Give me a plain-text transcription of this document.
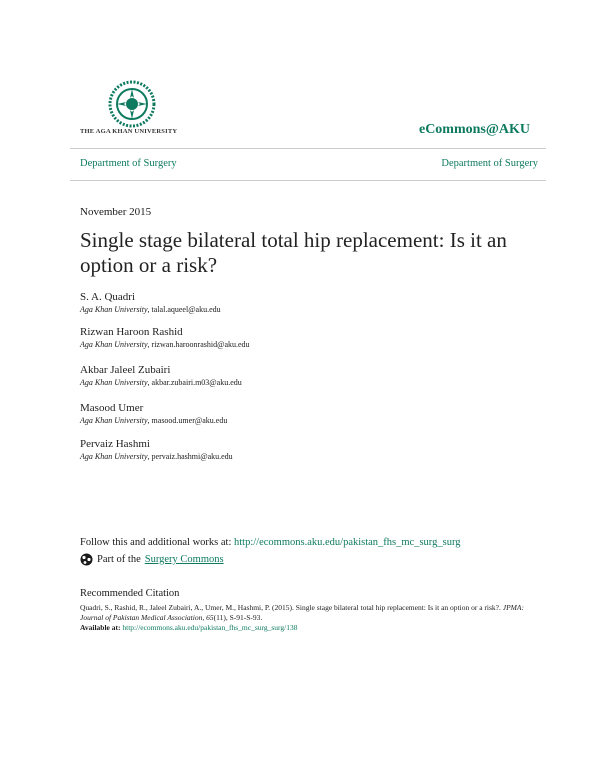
THE AGA KHAN UNIVERSITY	eCommons@AKU
Department of Surgery	Department of Surgery
November 2015
Single stage bilateral total hip replacement: Is it an option or a risk?
S. A. Quadri
Aga Khan University, talal.aqueel@aku.edu
Rizwan Haroon Rashid
Aga Khan University, rizwan.haroonrashid@aku.edu
Akbar Jaleel Zubairi
Aga Khan University, akbar.zubairi.m03@aku.edu
Masood Umer
Aga Khan University, masood.umer@aku.edu
Pervaiz Hashmi
Aga Khan University, pervaiz.hashmi@aku.edu
Follow this and additional works at: http://ecommons.aku.edu/pakistan_fhs_mc_surg_surg
Part of the Surgery Commons
Recommended Citation
Quadri, S., Rashid, R., Jaleel Zubairi, A., Umer, M., Hashmi, P. (2015). Single stage bilateral total hip replacement: Is it an option or a risk?. JPMA: Journal of Pakistan Medical Association, 65(11), S-91-S-93.
Available at: http://ecommons.aku.edu/pakistan_fhs_mc_surg_surg/138
